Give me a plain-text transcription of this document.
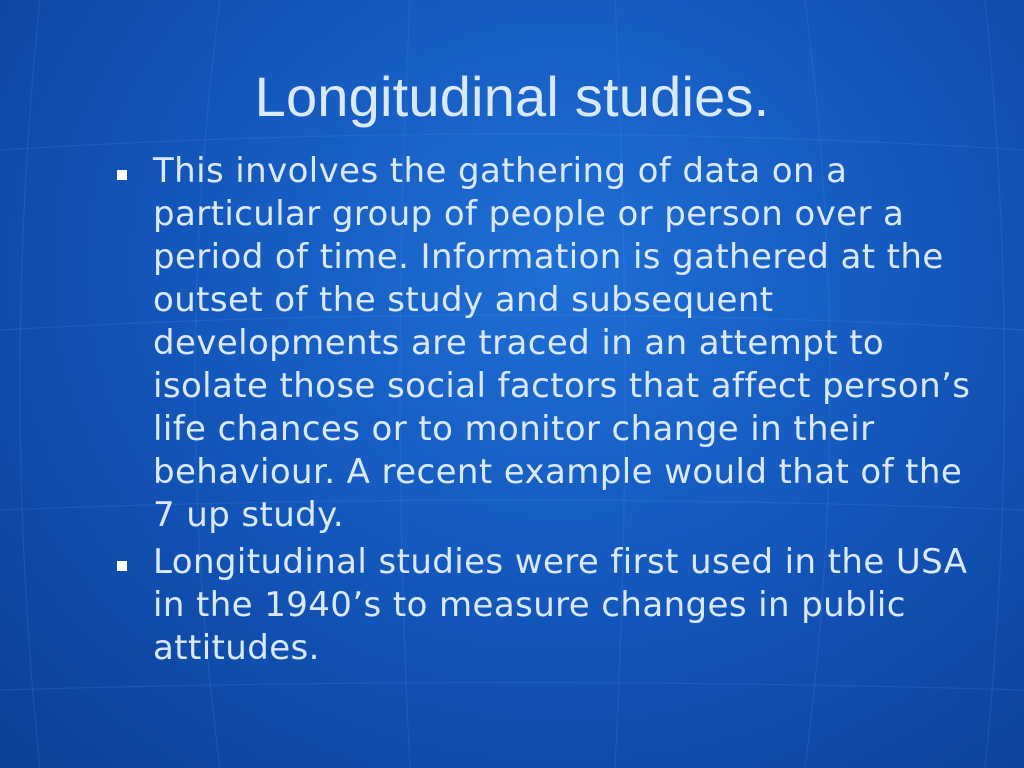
Longitudinal studies.
This involves the gathering of data on a particular group of people or person over a period of time. Information is gathered at the outset of the study and subsequent developments are traced in an attempt to isolate those social factors that affect person’s life chances or to monitor change in their behaviour. A recent example would that of the 7 up study.
Longitudinal studies were first used in the USA in the 1940’s to measure changes in public attitudes.
